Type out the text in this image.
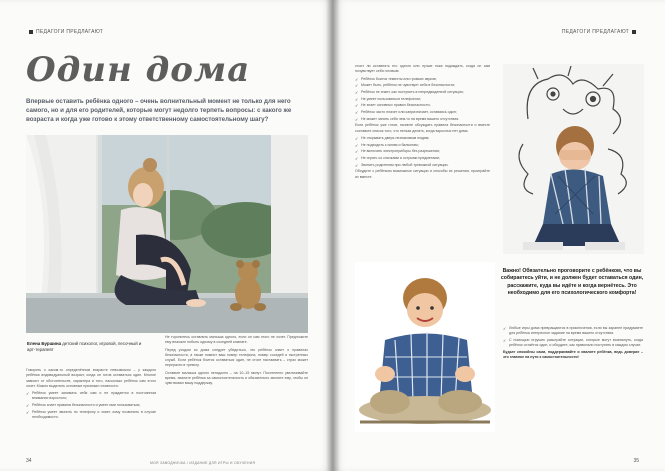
ПЕДАГОГИ ПРЕДЛАГАЮТ
Один дома
Впервые оставить ребёнка одного – очень волнительный момент не только для него самого, но и для его родителей, которые могут недолго терпеть вопросы: с какого же возраста и когда уже готово к этому ответственному самостоятельному шагу?
Елена Буршина детский психолог, игровой, песочный и арт-терапевт

Говорить о каком-то определённом возрасте невозможно – у каждого ребёнка индивидуальный возраст, когда он готов оставаться один. Многое зависит от обстоятельств, характера и того, насколько ребёнок сам этого хочет. Можно выделить основные признаки готовности:

✓ Ребёнок умеет занимать себя сам и не нуждается в постоянном внимании взрослого;
✓ Ребёнок знает правила безопасности и умеет ими пользоваться;
✓ Ребёнок умеет звонить по телефону и знает, кому позвонить в случае необходимости.

Не торопитесь оставлять малыша одного, если он сам этого не хочет. Предложите ему вначале побыть одному в соседней комнате.

Перед уходом из дома следует убедиться, что ребёнок знает о правилах безопасности, а также помнит ваш номер телефона, номер соседей и экстренных служб. Если ребёнок боится оставаться один, не стоит настаивать – страх может перерасти в тревогу.

Оставьте малыша одного ненадолго – на 10–15 минут. Постепенно увеличивайте время, хвалите ребёнка за самостоятельность и обязательно звоните ему, чтобы он чувствовал вашу поддержку.

34	МОЯ ЗАВОДНИЧКА / ИЗДАНИЕ ДЛЯ ИГРЫ И ОБУЧЕНИЯ
ПЕДАГОГИ ПРЕДЛАГАЮТ

стоит ли оставлять его одного или лучше пока подождать, когда он сам почувствует себя готовым:

✓ Ребёнок боится темноты или громких звуков;
✓ Может быть, ребёнок не чувствует себя в безопасности;
✓ Ребёнок не знает, как поступить в непредвиденной ситуации;
✓ Не умеет пользоваться телефоном;
✓ Не знает основных правил безопасности;
✓ Ребёнок часто плачет или капризничает, оставаясь один;
✓ Не может занять себя чем-то на время вашего отсутствия.

Если ребёнок уже готов, начните обсуждать правила безопасности и вместе составьте список того, что нельзя делать, когда взрослых нет дома.

✓ Не открывать дверь незнакомым людям;
✓ Не подходить к окнам и балконам;
✓ Не включать электроприборы без разрешения;
✓ Не играть со спичками и острыми предметами;
✓ Звонить родителям при любой тревожной ситуации.

Обсудите с ребёнком возможные ситуации и способы их решения, проиграйте их вместе.

Важно! Обязательно проговорите с ребёнком, что вы собираетесь уйти, и не должен будет оставаться один, расскажите, куда вы идёте и когда вернётесь. Это необходимо для его психологического комфорта!
✓ Любые игры дома превращаются в приключения, если вы заранее придумаете для ребёнка интересное задание на время вашего отсутствия.
✓ С помощью игрушек разыграйте ситуации, которые могут возникнуть, когда ребёнок остаётся один, и обсудите, как правильно поступить в каждом случае.

Будьте спокойны сами, поддерживайте и хвалите ребёнка, ведь доверие – это главное на пути к самостоятельности!

35
